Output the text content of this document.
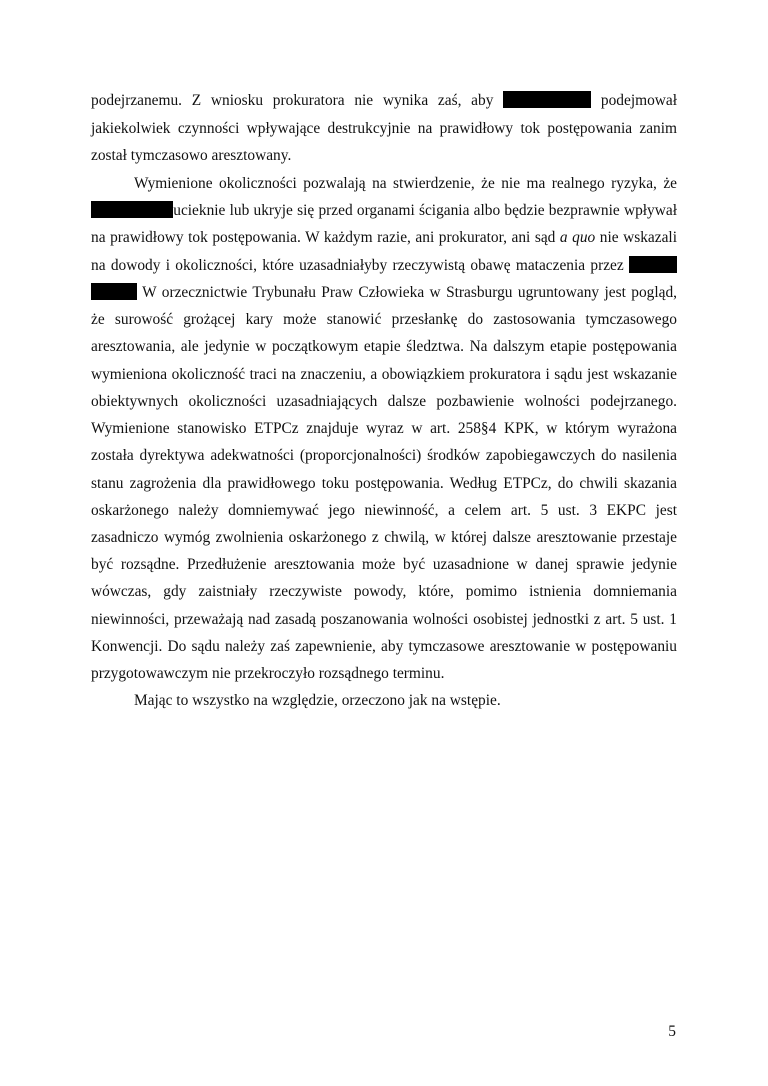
podejrzanemu. Z wniosku prokuratora nie wynika zaś, aby	podejmował
jakiekolwiek czynności wpływające destrukcyjnie na prawidłowy tok postępowania zanim
został tymczasowo aresztowany.
Wymienione okoliczności pozwalają na stwierdzenie, że nie ma realnego ryzyka, że
ucieknie lub ukryje się przed organami ścigania albo będzie bezprawnie wpływał
na prawidłowy tok postępowania. W każdym razie, ani prokurator, ani sąd a quo nie wskazali
na dowody i okoliczności, które uzasadniałyby rzeczywistą obawę mataczenia przez
W orzecznictwie Trybunału Praw Człowieka w Strasburgu ugruntowany jest pogląd,
że surowość grożącej kary może stanowić przesłankę do zastosowania tymczasowego
aresztowania, ale jedynie w początkowym etapie śledztwa. Na dalszym etapie postępowania
wymieniona okoliczność traci na znaczeniu, a obowiązkiem prokuratora i sądu jest wskazanie
obiektywnych okoliczności uzasadniających dalsze pozbawienie wolności podejrzanego.
Wymienione stanowisko ETPCz znajduje wyraz w art. 258§4 KPK, w którym wyrażona
została dyrektywa adekwatności (proporcjonalności) środków zapobiegawczych do nasilenia
stanu zagrożenia dla prawidłowego toku postępowania. Według ETPCz, do chwili skazania
oskarżonego należy domniemywać jego niewinność, a celem art. 5 ust. 3 EKPC jest
zasadniczo wymóg zwolnienia oskarżonego z chwilą, w której dalsze aresztowanie przestaje
być rozsądne. Przedłużenie aresztowania może być uzasadnione w danej sprawie jedynie
wówczas, gdy zaistniały rzeczywiste powody, które, pomimo istnienia domniemania
niewinności, przeważają nad zasadą poszanowania wolności osobistej jednostki z art. 5 ust. 1
Konwencji. Do sądu należy zaś zapewnienie, aby tymczasowe aresztowanie w postępowaniu
przygotowawczym nie przekroczyło rozsądnego terminu.
Mając to wszystko na względzie, orzeczono jak na wstępie.
5
